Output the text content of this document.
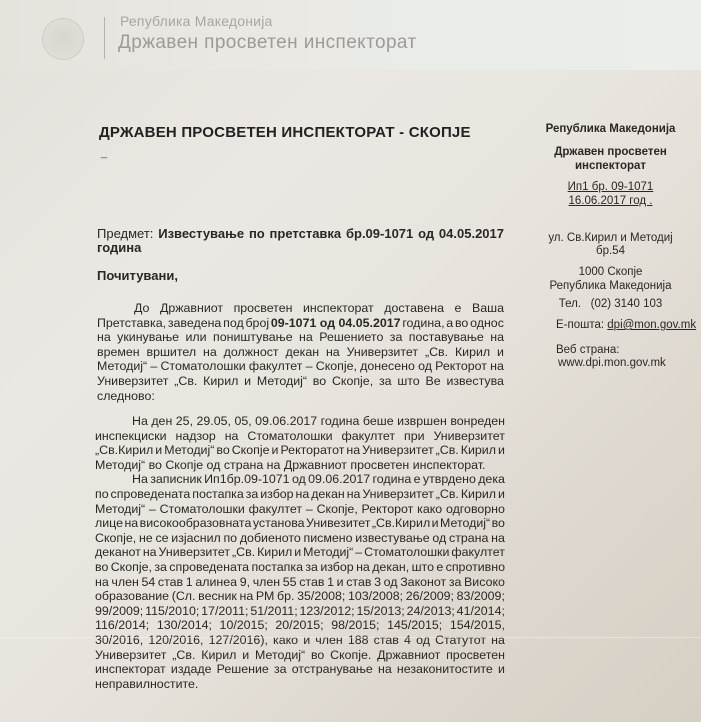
Република Македонија
Државен просветен инспекторат
ДРЖАВЕН ПРОСВЕТЕН ИНСПЕКТОРАТ - СКОПЈЕ
_
Република Македонија
Државен просветен
инспекторат
Ип1 бр. 09-1071
16.06.2017 год .
ул. Св.Кирил и Методиј
бр.54
1000 Скопје
Република Македонија
Тел. (02) 3140 103
Е-пошта: dpi@mon.gov.mk
Веб страна:
www.dpi.mon.gov.mk
Предмет: Известување по претставка бр.09-1071 од 04.05.2017
година
Почитувани,
До Државниот просветен инспекторат доставена е Ваша
Претставка, заведена под број 09-1071 од 04.05.2017 година, а во однос
на укинување или поништување на Решението за поставување на
времен вршител на должност декан на Универзитет „Св. Кирил и
Методиј“ – Стоматолошки факултет – Скопје, донесено од Ректорот на
Универзитет „Св. Кирил и Методиј“ во Скопје, за што Ве известува
следново:
На ден 25, 29.05, 05, 09.06.2017 година беше извршен вонреден
инспекциски надзор на Стоматолошки факултет при Универзитет
„Св.Кирил и Методиј“ во Скопје и Ректоратот на Универзитет „Св. Кирил и
Методиј“ во Скопје од страна на Државниот просветен инспекторат.
На записник Ип1бр.09-1071 од 09.06.2017 година е утврдено дека
по спроведената постапка за избор на декан на Универзитет „Св. Кирил и
Методиј“ – Стоматолошки факултет – Скопје, Ректорот како одговорно
лице на високообразовната установа Унивезитет „Св.Кирил и Методиј“ во
Скопје, не се изјаснил по добиеното писмено известување од страна на
деканот на Универзитет „Св. Кирил и Методиј“ – Стоматолошки факултет
во Скопје, за спроведената постапка за избор на декан, што е спротивно
на член 54 став 1 алинеа 9, член 55 став 1 и став 3 од Законот за Високо
образование (Сл. весник на РМ бр. 35/2008; 103/2008; 26/2009; 83/2009;
99/2009; 115/2010; 17/2011; 51/2011; 123/2012; 15/2013; 24/2013; 41/2014;
116/2014; 130/2014; 10/2015; 20/2015; 98/2015; 145/2015; 154/2015,
30/2016, 120/2016, 127/2016), како и член 188 став 4 од Статутот на
Универзитет „Св. Кирил и Методиј“ во Скопје. Државниот просветен
инспекторат издаде Решение за отстранување на незаконитостите и
неправилностите.
